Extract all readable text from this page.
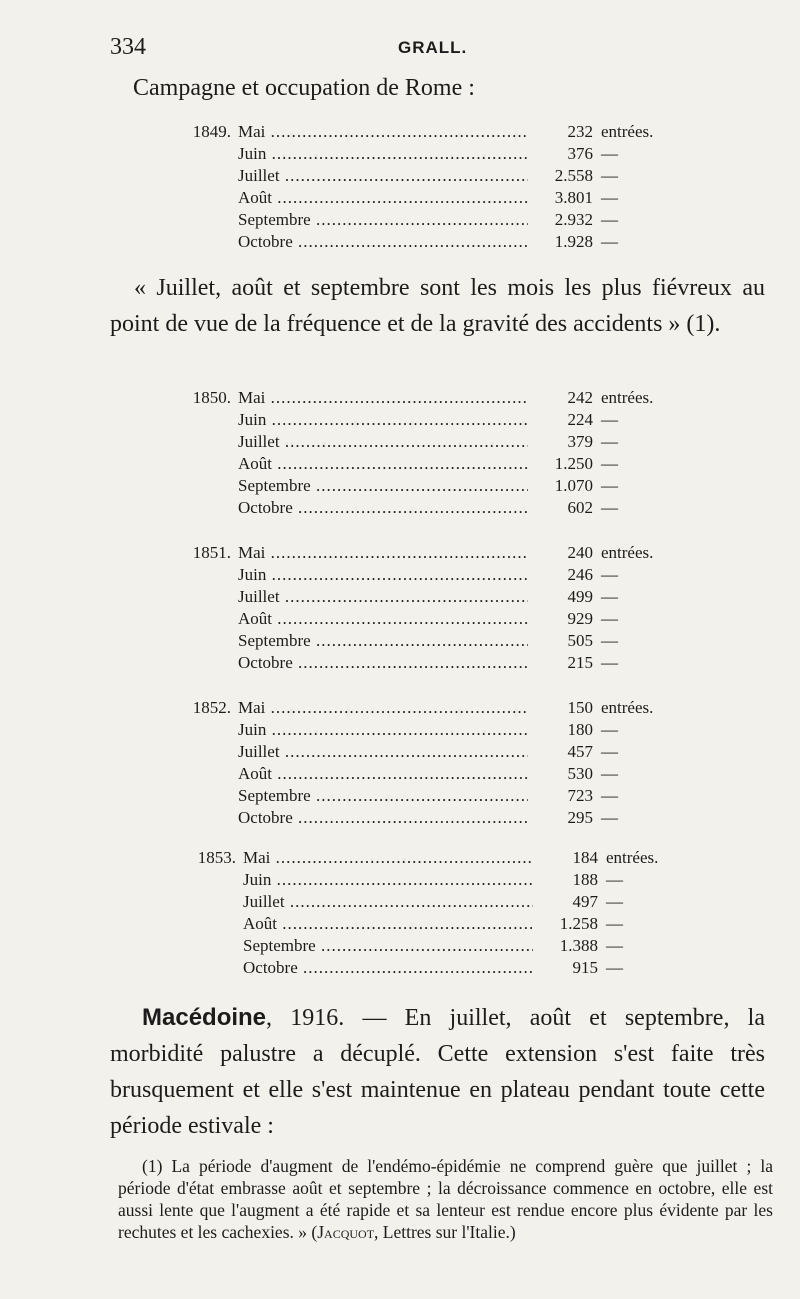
334	GRALL.
Campagne et occupation de Rome :
1849. Mai .....	232 entrées.
Juin .....	376 —
Juillet .....	2.558 —
Août .....	3.801 —
Septembre .....	2.932 —
Octobre .....	1.928 —

« Juillet, août et septembre sont les mois les plus fiévreux au point de vue de la fréquence et de la gravité des accidents » (1).

1850. Mai .....	242 entrées.
Juin .....	224 —
Juillet .....	379 —
Août .....	1.250 —
Septembre .....	1.070 —
Octobre .....	602 —
1851. Mai .....	240 entrées.
Juin .....	246 —
Juillet .....	499 —
Août .....	929 —
Septembre .....	505 —
Octobre .....	215 —
1852. Mai .....	150 entrées.
Juin .....	180 —
Juillet .....	457 —
Août .....	530 —
Septembre .....	723 —
Octobre .....	295 —
1853. Mai .....	184 entrées.
Juin .....	188 —
Juillet .....	497 —
Août .....	1.258 —
Septembre .....	1.388 —
Octobre .....	915 —

Macédoine, 1916. — En juillet, août et septembre, la morbidité palustre a décuplé. Cette extension s'est faite très brusquement et elle s'est maintenue en plateau pendant toute cette période estivale :

(1) La période d'augment de l'endémo-épidémie ne comprend guère que juillet ; la période d'état embrasse août et septembre ; la décroissance commence en octobre, elle est aussi lente que l'augment a été rapide et sa lenteur est rendue encore plus évidente par les rechutes et les cachexies. » (Jacquot, Lettres sur l'Italie.)
